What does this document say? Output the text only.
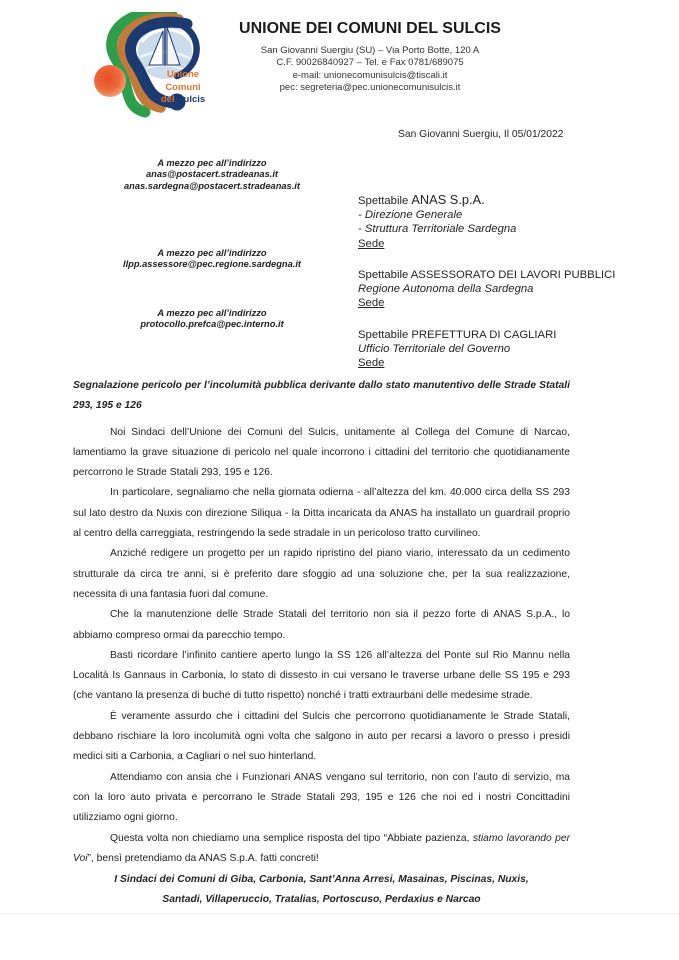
Unione
Comuni
del Sulcis
UNIONE DEI COMUNI DEL SULCIS
San Giovanni Suergiu (SU) – Via Porto Botte, 120 A
C.F. 90026840927 – Tel. e Fax 0781/689075
e-mail: unionecomunisulcis@tiscali.it
pec: segreteria@pec.unionecomunisulcis.it
San Giovanni Suergiu, Il 05/01/2022
A mezzo pec all’indirizzo
anas@postacert.stradeanas.it
anas.sardegna@postacert.stradeanas.it
A mezzo pec all’indirizzo
llpp.assessore@pec.regione.sardegna.it
A mezzo pec all’indirizzo
protocollo.prefca@pec.interno.it
Spettabile ANAS S.p.A.
- Direzione Generale
- Struttura Territoriale Sardegna
Sede
Spettabile ASSESSORATO DEI LAVORI PUBBLICI
Regione Autonoma della Sardegna
Sede
Spettabile PREFETTURA DI CAGLIARI
Ufficio Territoriale del Governo
Sede

Segnalazione pericolo per l’incolumità pubblica derivante dallo stato manutentivo delle Strade Statali 293, 195 e 126

Noi Sindaci dell’Unione dei Comuni del Sulcis, unitamente al Collega del Comune di Narcao, lamentiamo la grave situazione di pericolo nel quale incorrono i cittadini del territorio che quotidianamente percorrono le Strade Statali 293, 195 e 126.

In particolare, segnaliamo che nella giornata odierna - all’altezza del km. 40.000 circa della SS 293 sul lato destro da Nuxis con direzione Siliqua - la Ditta incaricata da ANAS ha installato un guardrail proprio al centro della carreggiata, restringendo la sede stradale in un pericoloso tratto curvilineo.

Anziché redigere un progetto per un rapido ripristino del piano viario, interessato da un cedimento strutturale da circa tre anni, si è preferito dare sfoggio ad una soluzione che, per la sua realizzazione, necessita di una fantasia fuori dal comune.

Che la manutenzione delle Strade Statali del territorio non sia il pezzo forte di ANAS S.p.A., lo abbiamo compreso ormai da parecchio tempo.

Basti ricordare l’infinito cantiere aperto lungo la SS 126 all’altezza del Ponte sul Rio Mannu nella Località Is Gannaus in Carbonia, lo stato di dissesto in cui versano le traverse urbane delle SS 195 e 293 (che vantano la presenza di buche di tutto rispetto) nonché i tratti extraurbani delle medesime strade.

È veramente assurdo che i cittadini del Sulcis che percorrono quotidianamente le Strade Statali, debbano rischiare la loro incolumità ogni volta che salgono in auto per recarsi a lavoro o presso i presidi medici siti a Carbonia, a Cagliari o nel suo hinterland.

Attendiamo con ansia che i Funzionari ANAS vengano sul territorio, non con l’auto di servizio, ma con la loro auto privata e percorrano le Strade Statali 293, 195 e 126 che noi ed i nostri Concittadini utilizziamo ogni giorno.

Questa volta non chiediamo una semplice risposta del tipo “Abbiate pazienza, stiamo lavorando per Voi”, bensì pretendiamo da ANAS S.p.A. fatti concreti!

I Sindaci dei Comuni di Giba, Carbonia, Sant’Anna Arresi, Masainas, Piscinas, Nuxis,
Santadi, Villaperuccio, Tratalias, Portoscuso, Perdaxius e Narcao
